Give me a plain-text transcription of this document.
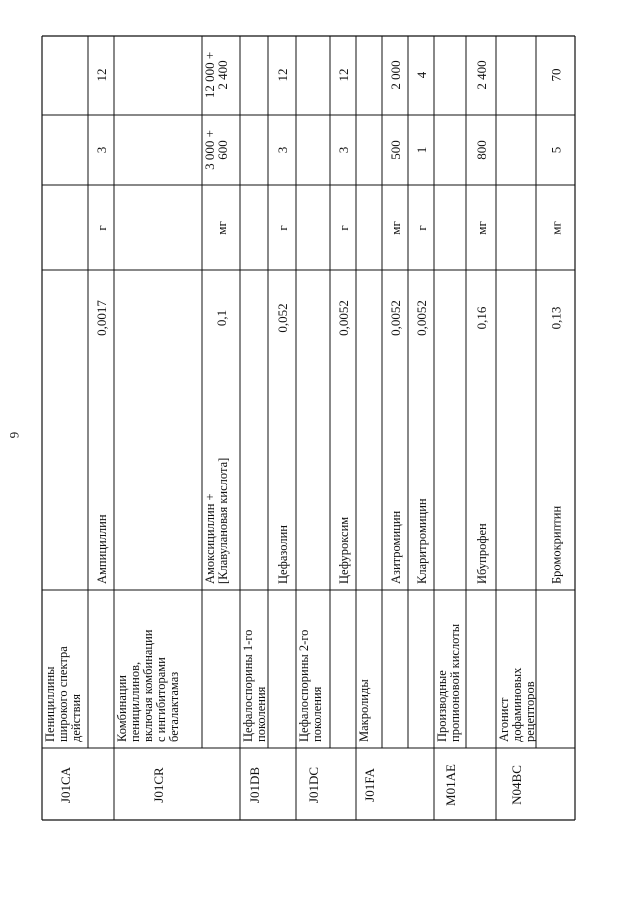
6
J01CA
Пенициллиныширокого спектрадействия
Ампициллин
0,0017
г
3
12
J01CR
Комбинациипенициллинов,включая комбинациис ингибиторамибеталактамаз
Амоксициллин +[Клавулановая кислота]
0,1
мг
3 000 +600
12 000 +2 400
J01DB
Цефалоспорины 1-гопоколения
Цефазолин
0,052
г
3
12
J01DC
Цефалоспорины 2-гопоколения
Цефуроксим
0,0052
г
3
12
J01FA
Макролиды
Азитромицин
0,0052
мг
500
2 000
Кларитромицин
0,0052
г
1
4
M01AE
Производныепропионовой кислоты
Ибупрофен
0,16
мг
800
2 400
N04BC
Агонистдофаминовыхрецепторов
Бромокриптин
0,13
мг
5
70
